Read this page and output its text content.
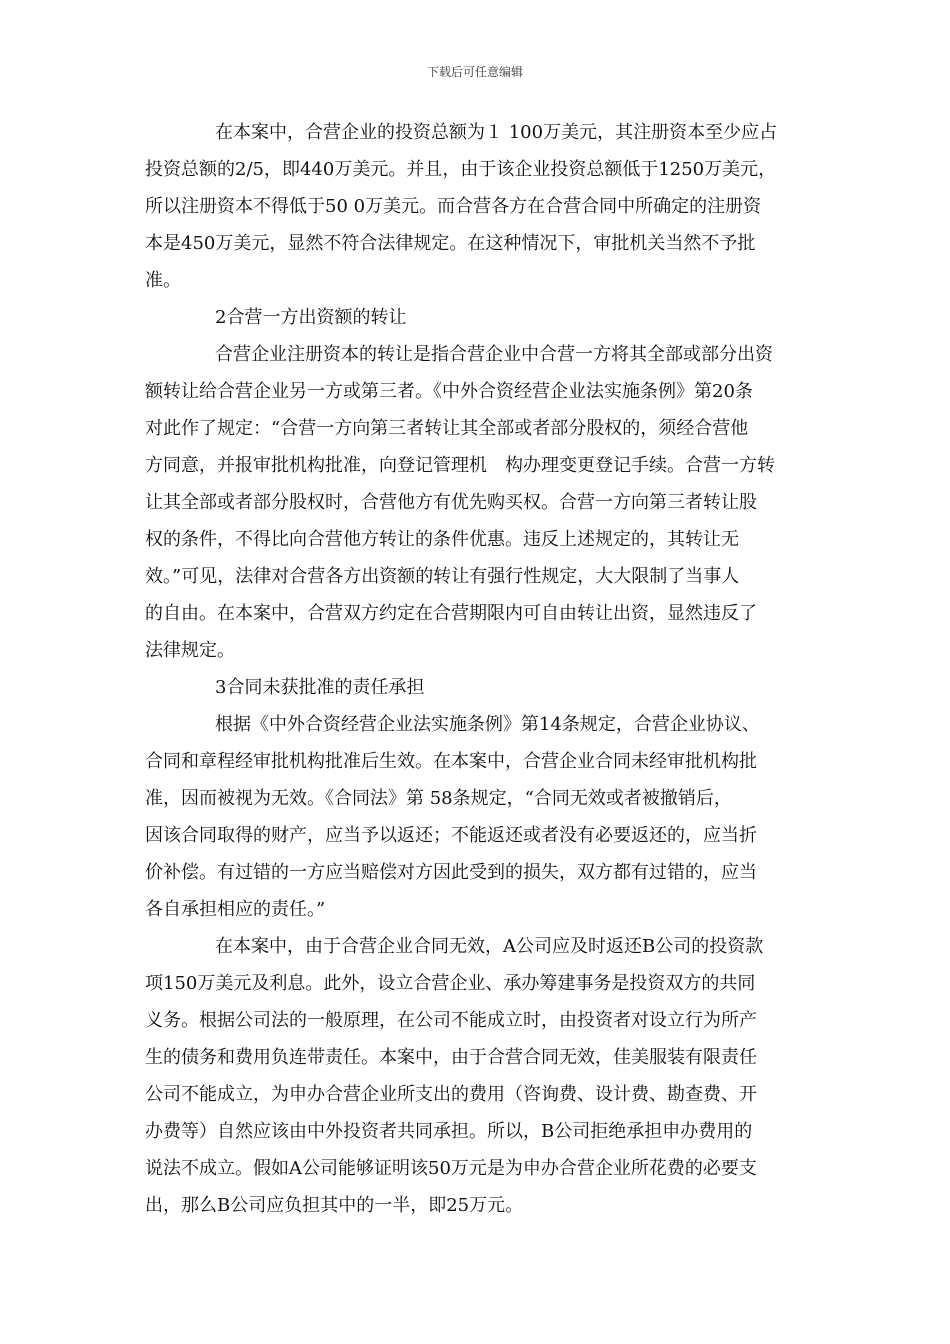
下载后可任意编辑
在本案中，合营企业的投资总额为１ 100万美元，其注册资本至少应占
投资总额的2/5，即440万美元。并且，由于该企业投资总额低于1250万美元，
所以注册资本不得低于50 0万美元。而合营各方在合营合同中所确定的注册资
本是450万美元，显然不符合法律规定。在这种情况下，审批机关当然不予批
准。
2合营一方出资额的转让
合营企业注册资本的转让是指合营企业中合营一方将其全部或部分出资
额转让给合营企业另一方或第三者。《中外合资经营企业法实施条例》第20条
对此作了规定：“合营一方向第三者转让其全部或者部分股权的，须经合营他
方同意，并报审批机构批准，向登记管理机　构办理变更登记手续。合营一方转
让其全部或者部分股权时，合营他方有优先购买权。合营一方向第三者转让股
权的条件，不得比向合营他方转让的条件优惠。违反上述规定的，其转让无
效。”可见，法律对合营各方出资额的转让有强行性规定，大大限制了当事人
的自由。在本案中，合营双方约定在合营期限内可自由转让出资，显然违反了
法律规定。
3合同未获批准的责任承担
根据《中外合资经营企业法实施条例》第14条规定，合营企业协议、
合同和章程经审批机构批准后生效。在本案中，合营企业合同未经审批机构批
准，因而被视为无效。《合同法》第 58条规定，“合同无效或者被撤销后，
因该合同取得的财产，应当予以返还；不能返还或者没有必要返还的，应当折
价补偿。有过错的一方应当赔偿对方因此受到的损失，双方都有过错的，应当
各自承担相应的责任。”
在本案中，由于合营企业合同无效，A公司应及时返还B公司的投资款
项150万美元及利息。此外，设立合营企业、承办筹建事务是投资双方的共同
义务。根据公司法的一般原理，在公司不能成立时，由投资者对设立行为所产
生的债务和费用负连带责任。本案中，由于合营合同无效，佳美服装有限责任
公司不能成立，为申办合营企业所支出的费用（咨询费、设计费、勘查费、开
办费等）自然应该由中外投资者共同承担。所以，B公司拒绝承担申办费用的
说法不成立。假如A公司能够证明该50万元是为申办合营企业所花费的必要支
出，那么B公司应负担其中的一半，即25万元。
